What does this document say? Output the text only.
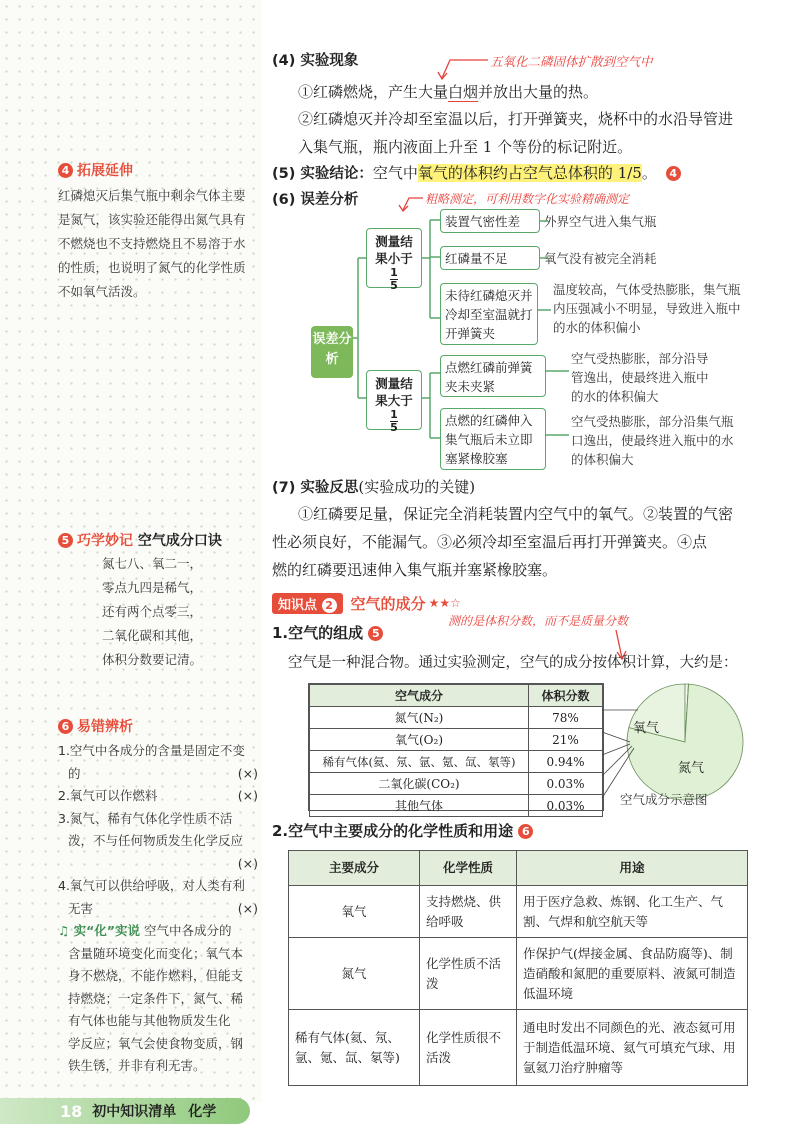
4 拓展延伸
红磷熄灭后集气瓶中剩余气体主要
是氮气，该实验还能得出氮气具有
不燃烧也不支持燃烧且不易溶于水
的性质，也说明了氮气的化学性质
不如氧气活泼。
5 巧学妙记 空气成分口诀
氮七八、氧二一，
零点九四是稀气，
还有两个点零三，
二氧化碳和其他，
体积分数要记清。
6 易错辨析
1.空气中各成分的含量是固定不变
的	(×)
2.氧气可以作燃料	(×)
3.氮气、稀有气体化学性质不活
泼，不与任何物质发生化学反应
(×)
4.氧气可以供给呼吸，对人类有利
无害	(×)
♫ 实“化”实说 空气中各成分的
含量随环境变化而变化；氧气本
身不燃烧，不能作燃料，但能支
持燃烧；一定条件下，氮气、稀
有气体也能与其他物质发生化
学反应；氧气会使食物变质，钢
铁生锈，并非有利无害。
(4) 实验现象	五氧化二磷固体扩散到空气中
①红磷燃烧，产生大量白烟并放出大量的热。
②红磷熄灭并冷却至室温以后，打开弹簧夹，烧杯中的水沿导管进
入集气瓶，瓶内液面上升至 1 个等份的标记附近。
(5) 实验结论：空气中氧气的体积约占空气总体积的 1/5。 4
(6) 误差分析	粗略测定，可利用数字化实验精确测定
误差分析
测量结果小于
$\frac{1}{5}$
测量结果大于
$\frac{1}{5}$
装置气密性差	外界空气进入集气瓶
红磷量不足	氧气没有被完全消耗
未待红磷熄灭并冷却至室温就打开弹簧夹
温度较高，气体受热膨胀，集气瓶内压强减小不明显，导致进入瓶中的水的体积偏小
点燃红磷前弹簧夹未夹紧
空气受热膨胀，部分沿导管逸出，使最终进入瓶中的水的体积偏大
点燃的红磷伸入集气瓶后未立即塞紧橡胶塞
空气受热膨胀，部分沿集气瓶口逸出，使最终进入瓶中的水的体积偏大
(7) 实验反思(实验成功的关键)
①红磷要足量，保证完全消耗装置内空气中的氧气。②装置的气密
性必须良好，不能漏气。③必须冷却至室温后再打开弹簧夹。④点
燃的红磷要迅速伸入集气瓶并塞紧橡胶塞。
知识点 2	空气的成分 ★★☆
1.空气的组成 5
测的是体积分数，而不是质量分数
空气是一种混合物。通过实验测定，空气的成分按体积计算，大约是：
空气成分	体积分数
氮气(N₂)	78%
氧气(O₂)	21%
稀有气体(氦、氖、氩、氪、氙、氡等)	0.94%
二氧化碳(CO₂)	0.03%
其他气体	0.03%
氧气
氮气
空气成分示意图
2.空气中主要成分的化学性质和用途 6
主要成分	化学性质	用途
氧气	支持燃烧、供给呼吸	用于医疗急救、炼钢、化工生产、气割、气焊和航空航天等
氮气	化学性质不活泼	作保护气(焊接金属、食品防腐等)、制造硝酸和氮肥的重要原料、液氮可制造低温环境
稀有气体(氦、氖、氩、氪、氙、氡等)	化学性质很不活泼	通电时发出不同颜色的光、液态氦可用于制造低温环境、氦气可填充气球、用氩氦刀治疗肿瘤等
18 初中知识清单 化学
